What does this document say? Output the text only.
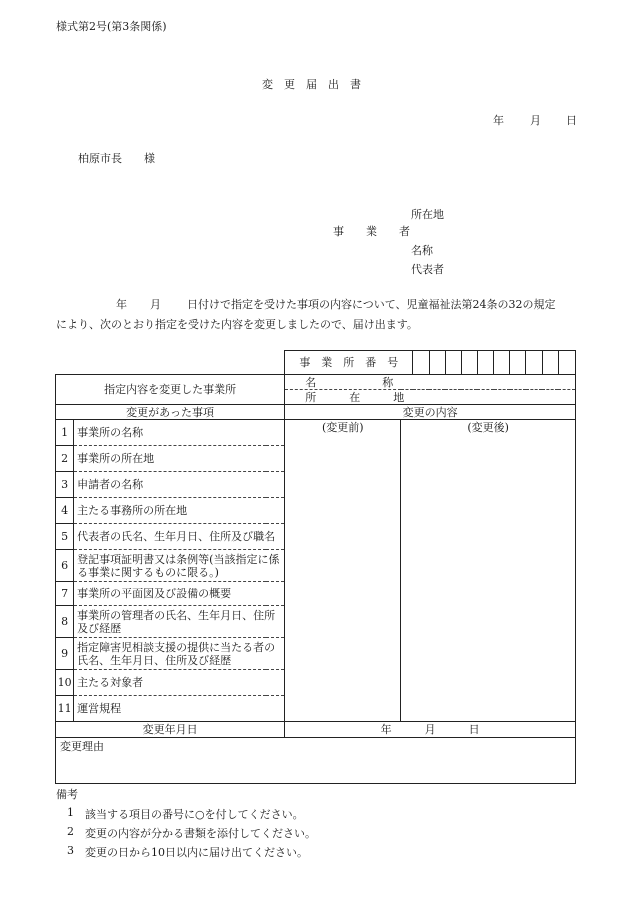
様式第2号(第3条関係)
変　更　届　出　書
年 月 日
柏原市長　　様
所在地
事　　業　　者
名称
代表者
年 月 日付けで指定を受けた事項の内容について、児童福祉法第24条の32の規定
により、次のとおり指定を受けた内容を変更しましたので、届け出ます。
		事　業　所　番　号											
指定内容を変更した事業所		名　　　　　　称											
		所　　　在　　　地											
変更があった事項		変更の内容											
1	事業所の名称	(変更前)	(変更後)										
2	事業所の所在地												
3	申請者の名称												
4	主たる事務所の所在地												
5	代表者の氏名、生年月日、住所及び職名												
6	登記事項証明書又は条例等(当該指定に係る事業に関するものに限る。)												
7	事業所の平面図及び設備の概要												
8	事業所の管理者の氏名、生年月日、住所及び経歴												
9	指定障害児相談支援の提供に当たる者の氏名、生年月日、住所及び経歴												
10	主たる対象者												
11	運営規程												
変更年月日		年　　　月　　　日											
変更理由													
備考
1 該当する項目の番号に○を付してください。
2 変更の内容が分かる書類を添付してください。
3 変更の日から10日以内に届け出てください。
